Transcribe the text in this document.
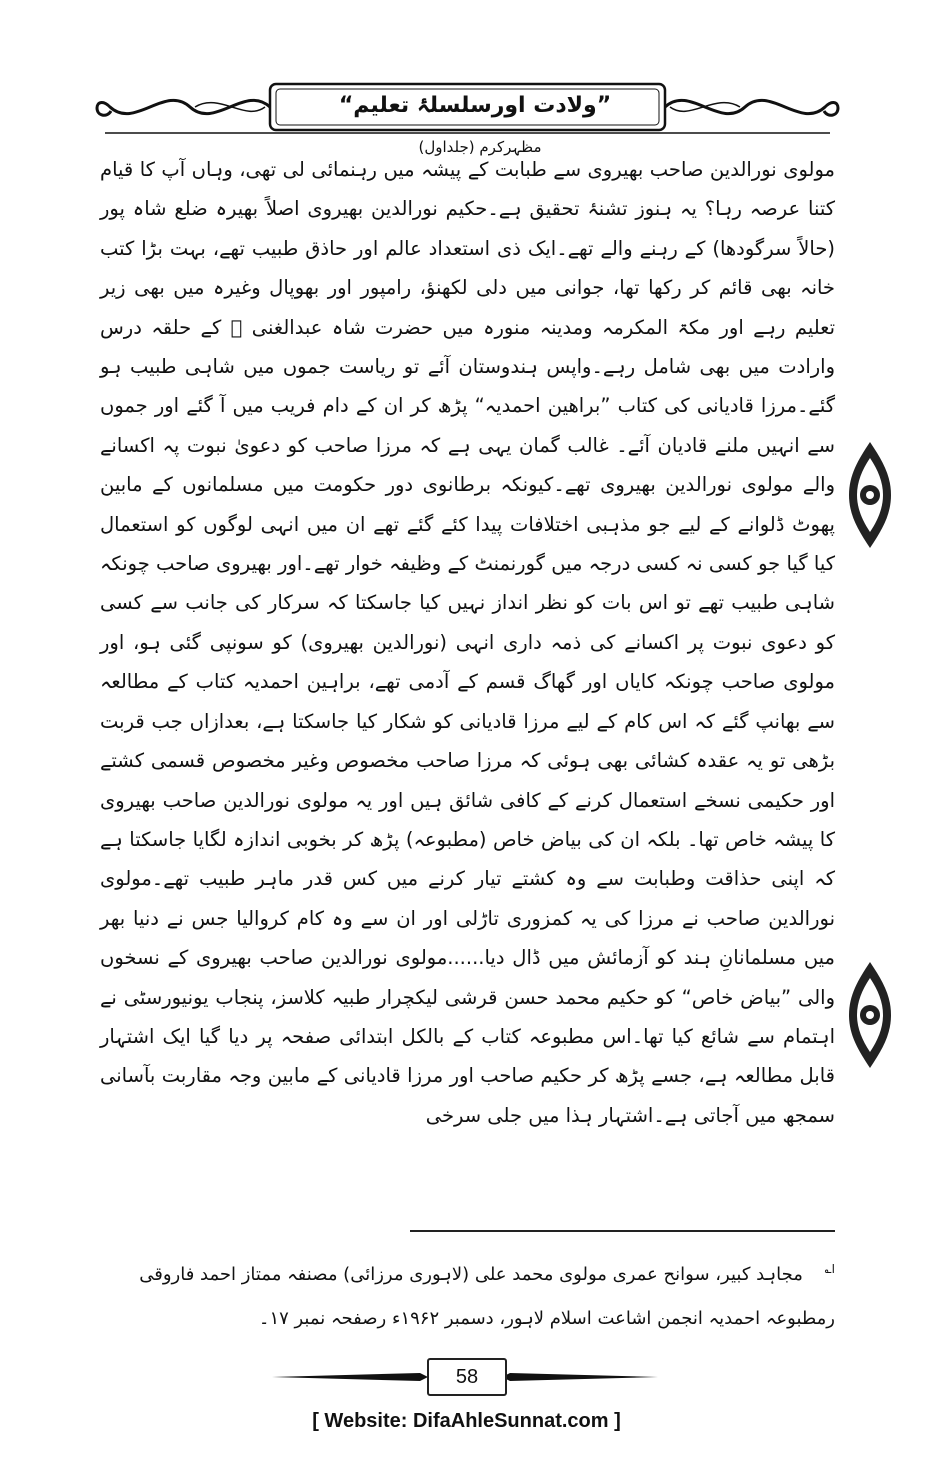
”ولادت اورسلسلۂ تعلیم“ مظہرکرم (جلداول)

مولوی نورالدین صاحب بھیروی سے طبابت کے پیشہ میں رہنمائی لی تھی، وہاں آپ کا قیام کتنا عرصہ رہا؟ یہ ہنوز تشنۂ تحقیق ہے۔حکیم نورالدین بھیروی اصلاً بھیرہ ضلع شاہ پور (حالاً سرگودھا) کے رہنے والے تھے۔ایک ذی استعداد عالم اور حاذق طبیب تھے، بہت بڑا کتب خانہ بھی قائم کر رکھا تھا، جوانی میں دلی لکھنؤ، رامپور اور بھوپال وغیرہ میں بھی زیر تعلیم رہے اور مکۃ المکرمہ ومدینہ منورہ میں حضرت شاہ عبدالغنی ﷫ کے حلقہ درس وارادت میں بھی شامل رہے۔واپس ہندوستان آئے تو ریاست جموں میں شاہی طبیب ہو گئے۔مرزا قادیانی کی کتاب ”براھین احمدیہ“ پڑھ کر ان کے دام فریب میں آ گئے اور جموں سے انہیں ملنے قادیان آئے۔ غالب گمان یہی ہے کہ مرزا صاحب کو دعویٰ نبوت پہ اکسانے والے مولوی نورالدین بھیروی تھے۔کیونکہ برطانوی دور حکومت میں مسلمانوں کے مابین پھوٹ ڈلوانے کے لیے جو مذہبی اختلافات پیدا کئے گئے تھے ان میں انہی لوگوں کو استعمال کیا گیا جو کسی نہ کسی درجہ میں گورنمنٹ کے وظیفہ خوار تھے۔اور بھیروی صاحب چونکہ شاہی طبیب تھے تو اس بات کو نظر انداز نہیں کیا جاسکتا کہ سرکار کی جانب سے کسی کو دعوی نبوت پر اکسانے کی ذمہ داری انہی (نورالدین بھیروی) کو سونپی گئی ہو، اور مولوی صاحب چونکہ کایاں اور گھاگ قسم کے آدمی تھے، براہین احمدیہ کتاب کے مطالعہ سے بھانپ گئے کہ اس کام کے لیے مرزا قادیانی کو شکار کیا جاسکتا ہے، بعدازاں جب قربت بڑھی تو یہ عقدہ کشائی بھی ہوئی کہ مرزا صاحب مخصوص وغیر مخصوص قسمی کشتے اور حکیمی نسخے استعمال کرنے کے کافی شائق ہیں اور یہ مولوی نورالدین صاحب بھیروی کا پیشہ خاص تھا۔ بلکہ ان کی بیاض خاص (مطبوعہ) پڑھ کر بخوبی اندازہ لگایا جاسکتا ہے کہ اپنی حذاقت وطبابت سے وہ کشتے تیار کرنے میں کس قدر ماہر طبیب تھے۔مولوی نورالدین صاحب نے مرزا کی یہ کمزوری تاڑلی اور ان سے وہ کام کروالیا جس نے دنیا بھر میں مسلمانانِ ہند کو آزمائش میں ڈال دیا......مولوی نورالدین صاحب بھیروی کے نسخوں والی ”بیاض خاص“ کو حکیم محمد حسن قرشی لیکچرار طبیہ کلاسز، پنجاب یونیورسٹی نے اہتمام سے شائع کیا تھا۔اس مطبوعہ کتاب کے بالکل ابتدائی صفحہ پر دیا گیا ایک اشتہار قابل مطالعہ ہے، جسے پڑھ کر حکیم صاحب اور مرزا قادیانی کے مابین وجہ مقاربت بآسانی سمجھ میں آجاتی ہے۔اشتہار ہذا میں جلی سرخی

$^{ا؎}$ مجاہد کبیر، سوانح عمری مولوی محمد علی (لاہوری مرزائی) مصنفہ ممتاز احمد فاروقی رمطبوعہ احمدیہ انجمن اشاعت اسلام لاہور، دسمبر ۱۹۶۲ء رصفحہ نمبر ۱۷۔
58
[ Website: DifaAhleSunnat.com ]
